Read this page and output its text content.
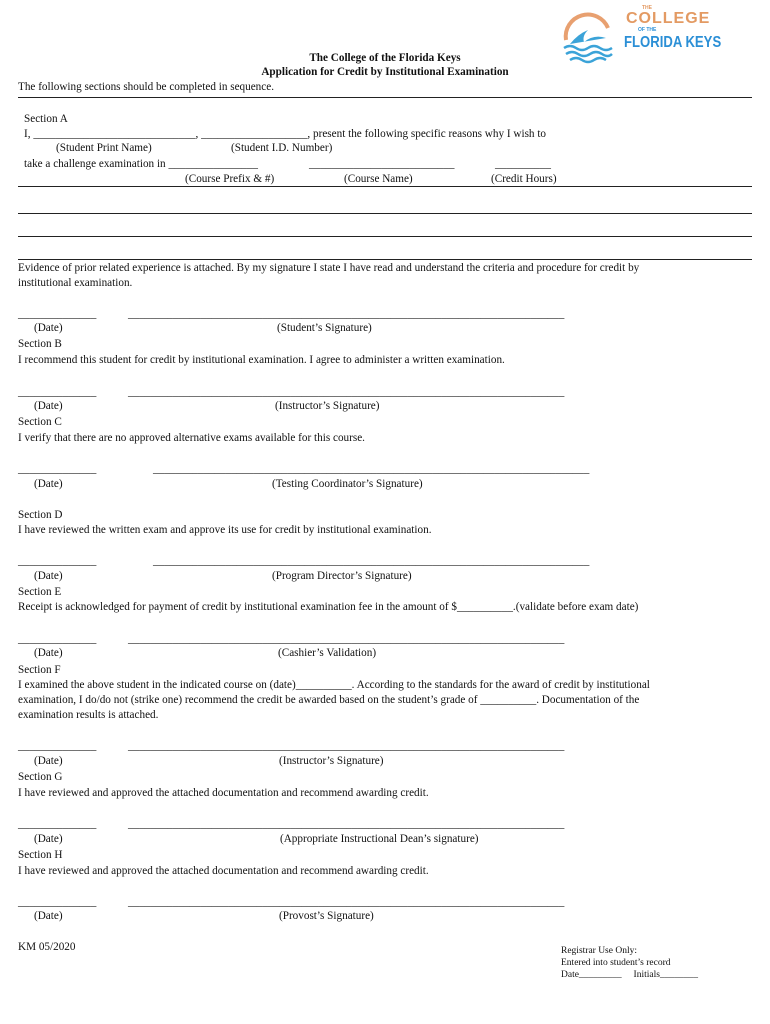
THE
COLLEGE
OF THE
FLORIDA KEYS
The College of the Florida Keys
Application for Credit by Institutional Examination
The following sections should be completed in sequence.
Section A
I, _____________________________, ___________________, present the following specific reasons why I wish to
(Student Print Name)	(Student I.D. Number)
take a challenge examination in ________________	__________________________	__________
(Course Prefix & #)	(Course Name)	(Credit Hours)
Evidence of prior related experience is attached. By my signature I state I have read and understand the criteria and procedure for credit by
institutional examination.
______________	______________________________________________________________________________
(Date)	(Student’s Signature)
Section B
I recommend this student for credit by institutional examination. I agree to administer a written examination.
______________	______________________________________________________________________________
(Date)	(Instructor’s Signature)
Section C
I verify that there are no approved alternative exams available for this course.
______________	______________________________________________________________________________
(Date)	(Testing Coordinator’s Signature)
Section D
I have reviewed the written exam and approve its use for credit by institutional examination.
______________	______________________________________________________________________________
(Date)	(Program Director’s Signature)
Section E
Receipt is acknowledged for payment of credit by institutional examination fee in the amount of $__________.(validate before exam date)
______________	______________________________________________________________________________
(Date)	(Cashier’s Validation)
Section F
I examined the above student in the indicated course on (date)__________. According to the standards for the award of credit by institutional
examination, I do/do not (strike one) recommend the credit be awarded based on the student’s grade of __________. Documentation of the
examination results is attached.
______________	______________________________________________________________________________
(Date)	(Instructor’s Signature)
Section G
I have reviewed and approved the attached documentation and recommend awarding credit.
______________	______________________________________________________________________________
(Date)	(Appropriate Instructional Dean’s signature)
Section H
I have reviewed and approved the attached documentation and recommend awarding credit.
______________	______________________________________________________________________________
(Date)	(Provost’s Signature)
KM 05/2020	Registrar Use Only:
Entered into student’s record
Date_________     Initials________
